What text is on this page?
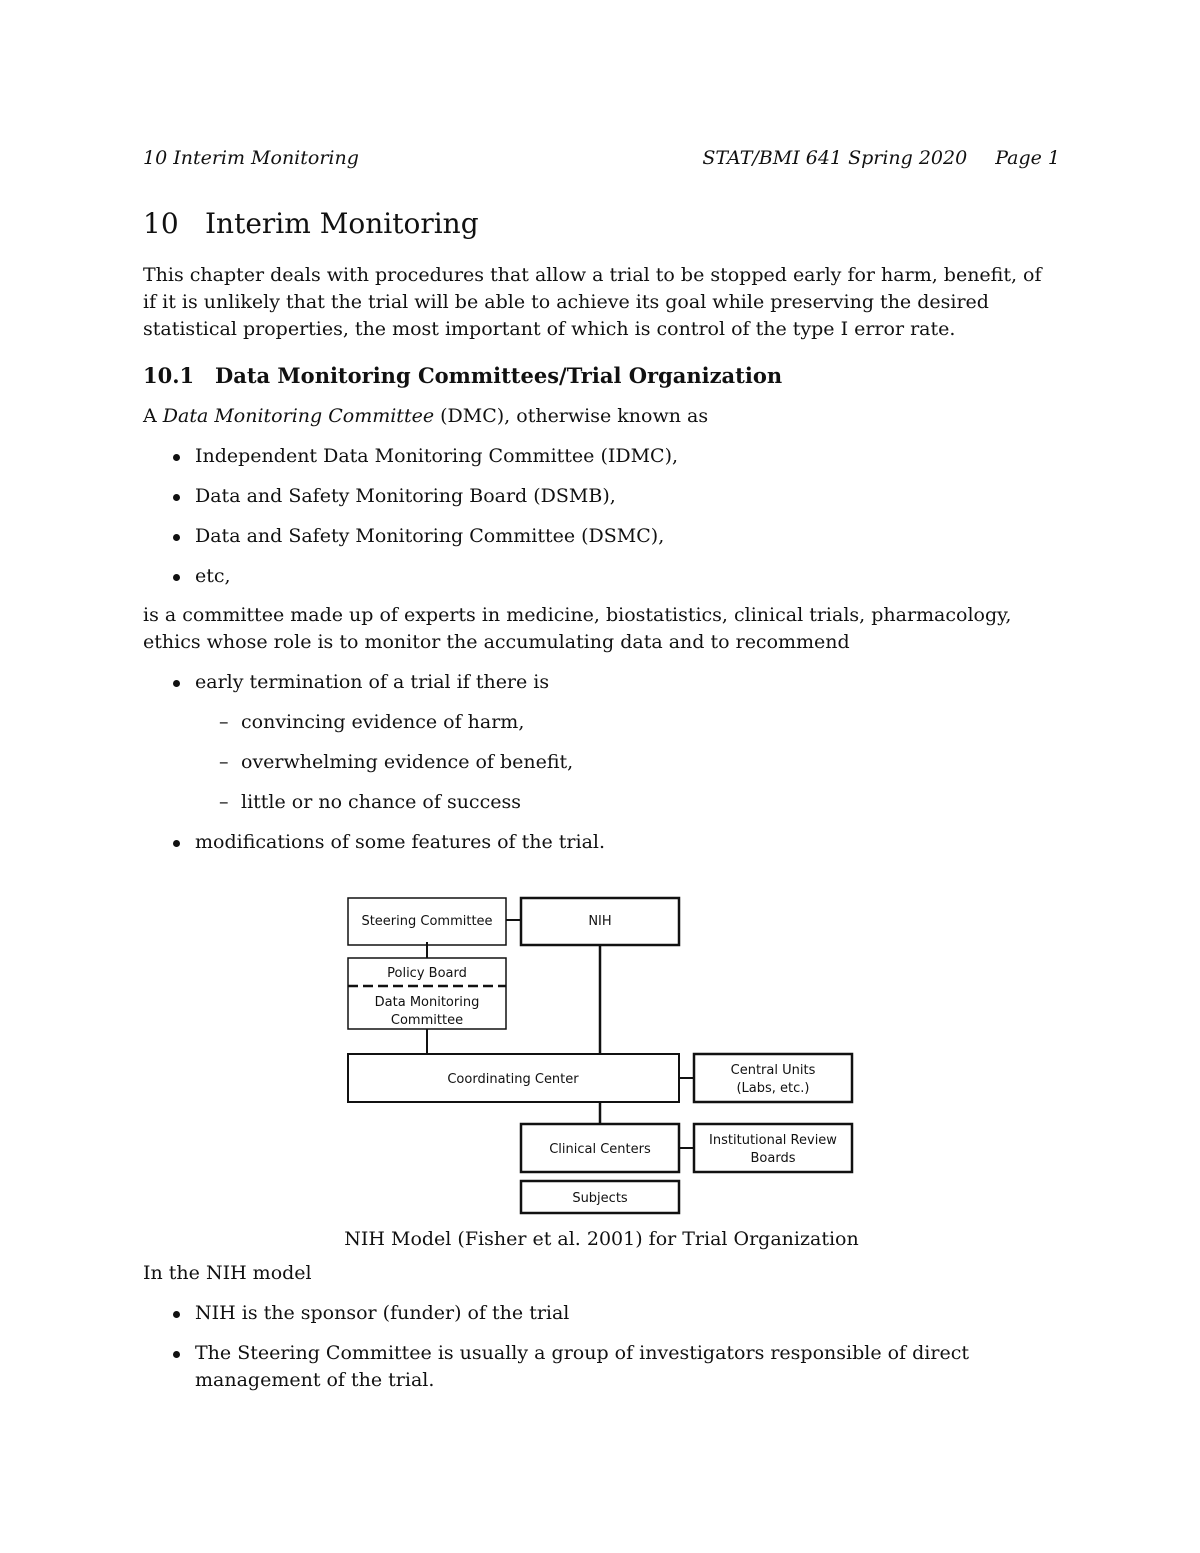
10 Interim Monitoring	STAT/BMI 641 Spring 2020 Page 1
10 Interim Monitoring

This chapter deals with procedures that allow a trial to be stopped early for harm, benefit, of if it is unlikely that the trial will be able to achieve its goal while preserving the desired statistical properties, the most important of which is control of the type I error rate.

10.1 Data Monitoring Committees/Trial Organization

A Data Monitoring Committee (DMC), otherwise known as

Independent Data Monitoring Committee (IDMC),
Data and Safety Monitoring Board (DSMB),
Data and Safety Monitoring Committee (DSMC),
etc,

is a committee made up of experts in medicine, biostatistics, clinical trials, pharmacology, ethics whose role is to monitor the accumulating data and to recommend

early termination of a trial if there is
– convincing evidence of harm,
– overwhelming evidence of benefit,
– little or no chance of success
modifications of some features of the trial.
Steering Committee	NIH
Policy Board
Data Monitoring
Committee
Coordinating Center
Central Units
(Labs, etc.)
Clinical Centers
Institutional Review
Boards
Subjects
NIH Model (Fisher et al. 2001) for Trial Organization

In the NIH model

NIH is the sponsor (funder) of the trial
The Steering Committee is usually a group of investigators responsible of direct management of the trial.
